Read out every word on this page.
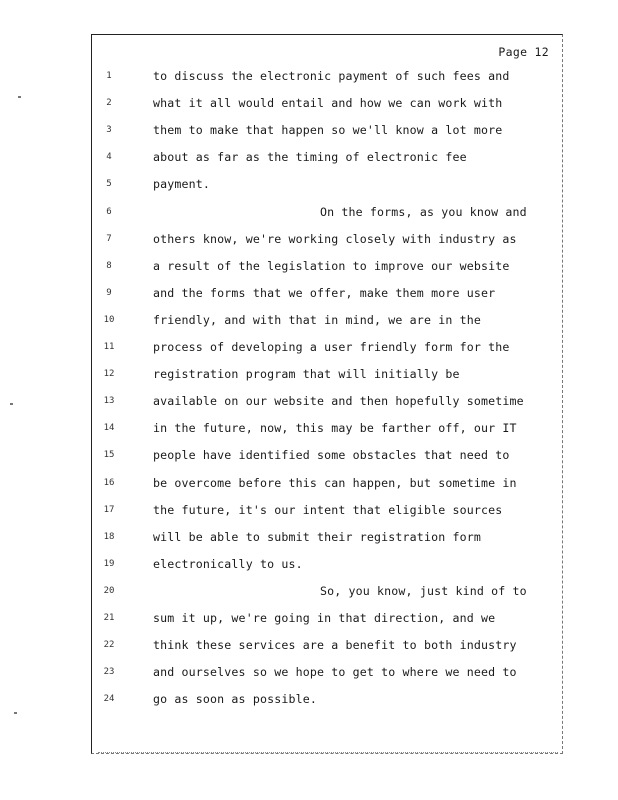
Page 12
1	to discuss the electronic payment of such fees and
2	what it all would entail and how we can work with
3	them to make that happen so we'll know a lot more
4	about as far as the timing of electronic fee
5	payment.
6	On the forms, as you know and
7	others know, we're working closely with industry as
8	a result of the legislation to improve our website
9	and the forms that we offer, make them more user
10	friendly, and with that in mind, we are in the
11	process of developing a user friendly form for the
12	registration program that will initially be
13	available on our website and then hopefully sometime
14	in the future, now, this may be farther off, our IT
15	people have identified some obstacles that need to
16	be overcome before this can happen, but sometime in
17	the future, it's our intent that eligible sources
18	will be able to submit their registration form
19	electronically to us.
20	So, you know, just kind of to
21	sum it up, we're going in that direction, and we
22	think these services are a benefit to both industry
23	and ourselves so we hope to get to where we need to
24	go as soon as possible.
